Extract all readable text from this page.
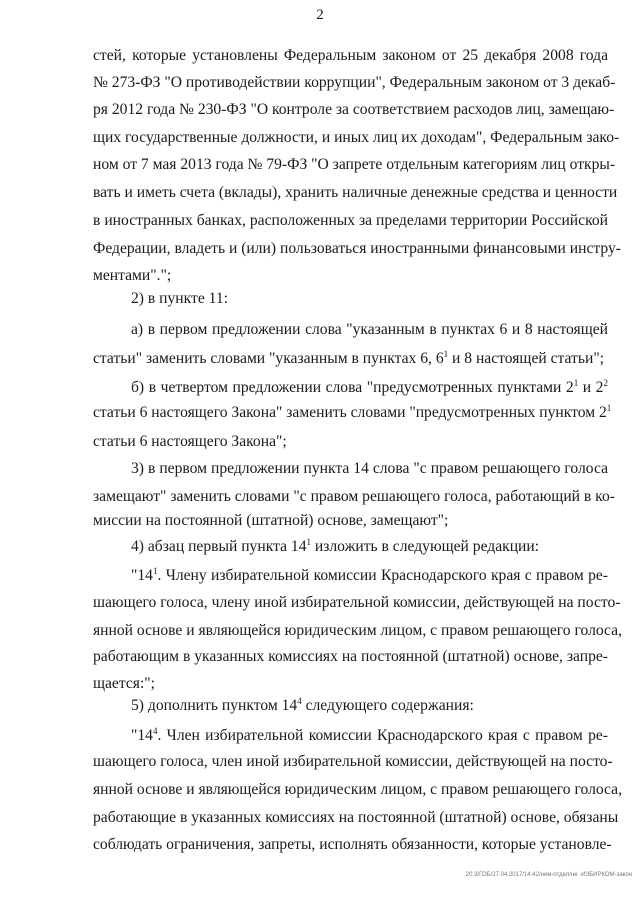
2
стей, которые установлены Федеральным законом от 25 декабря 2008 года
№ 273-ФЗ "О противодействии коррупции", Федеральным законом от 3 декаб-
ря 2012 года № 230-ФЗ "О контроле за соответствием расходов лиц, замещаю-
щих государственные должности, и иных лиц их доходам", Федеральным зако-
ном от 7 мая 2013 года № 79-ФЗ "О запрете отдельным категориям лиц откры-
вать и иметь счета (вклады), хранить наличные денежные средства и ценности
в иностранных банках, расположенных за пределами территории Российской
Федерации, владеть и (или) пользоваться иностранными финансовыми инстру-
ментами".";
2) в пункте 11:
а) в первом предложении слова "указанным в пунктах 6 и 8 настоящей
статьи" заменить словами "указанным в пунктах 6, $6^1$ и 8 настоящей статьи";
б) в четвертом предложении слова "предусмотренных пунктами $2^1$ и $2^2$
статьи 6 настоящего Закона" заменить словами "предусмотренных пунктом $2^1$
статьи 6 настоящего Закона";
3) в первом предложении пункта 14 слова "с правом решающего голоса
замещают" заменить словами "с правом решающего голоса, работающий в ко-
миссии на постоянной (штатной) основе, замещают";
4) абзац первый пункта $14^1$ изложить в следующей редакции:
"$14^1$. Члену избирательной комиссии Краснодарского края с правом ре-
шающего голоса, члену иной избирательной комиссии, действующей на посто-
янной основе и являющейся юридическим лицом, с правом решающего голоса,
работающим в указанных комиссиях на постоянной (штатной) основе, запре-
щается:";
5) дополнить пунктом $14^4$ следующего содержания:
"$14^4$. Член избирательной комиссии Краснодарского края с правом ре-
шающего голоса, член иной избирательной комиссии, действующей на посто-
янной основе и являющейся юридическим лицом, с правом решающего голоса,
работающие в указанных комиссиях на постоянной (штатной) основе, обязаны
соблюдать ограничения, запреты, исполнять обязанности, которые установле-
20.3/ГОБ/27.04.2017/14:42/нем-отдел/не -ИЗБИРКОМ-закон
